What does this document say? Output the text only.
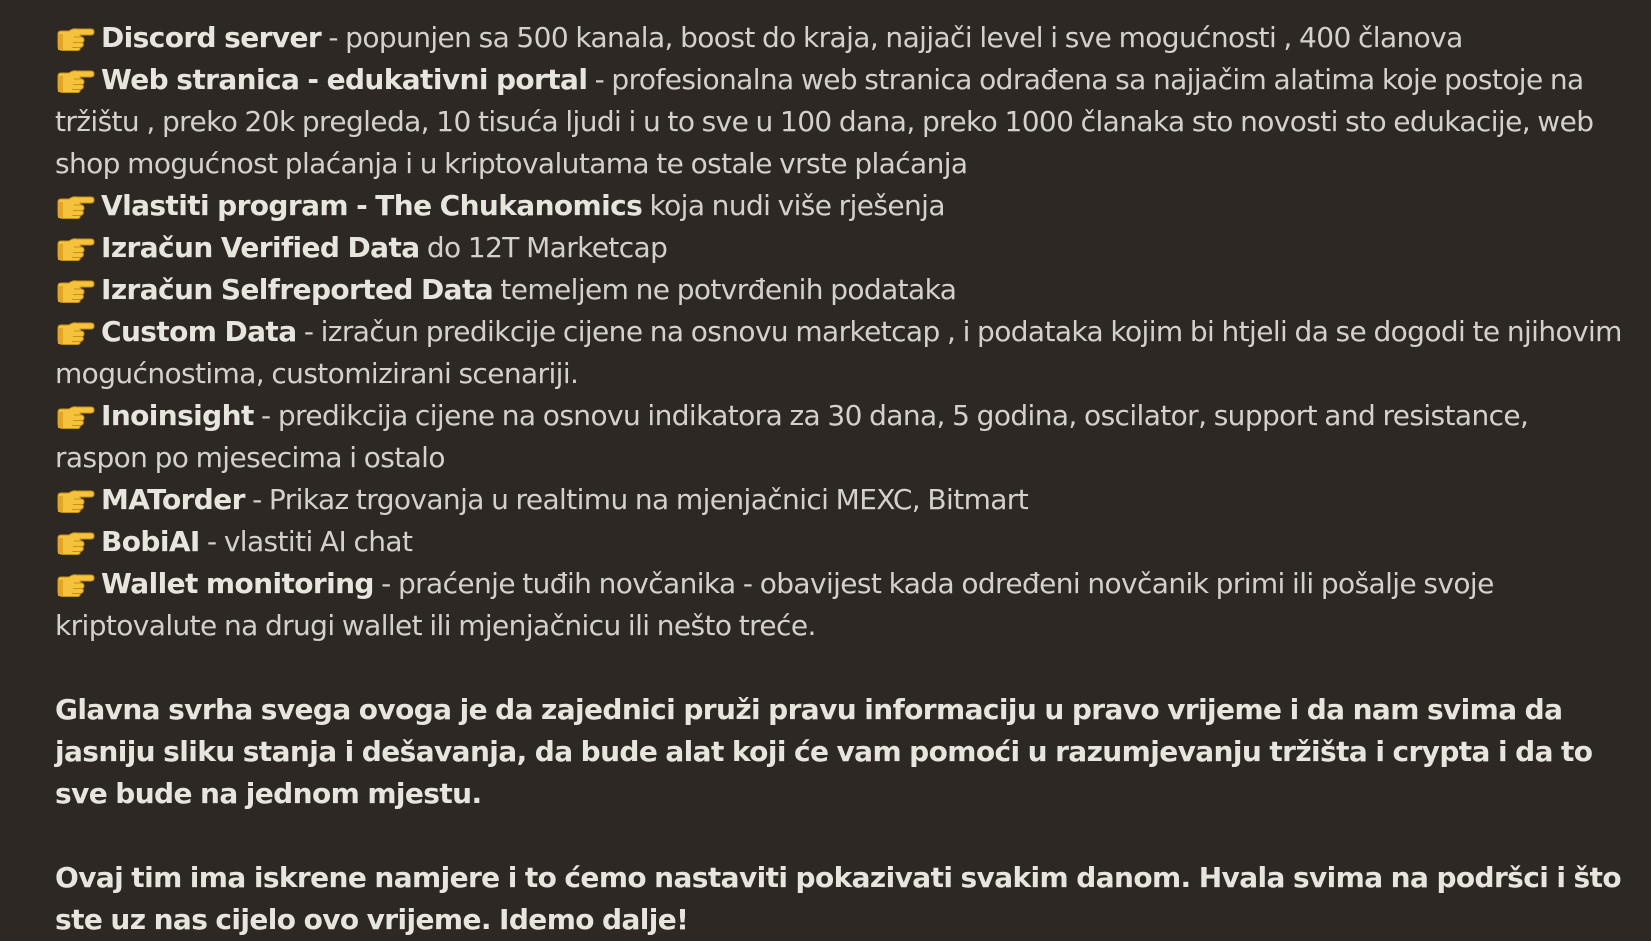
Discord server - popunjen sa 500 kanala, boost do kraja, najjači level i sve mogućnosti , 400 članova

Web stranica - edukativni portal - profesionalna web stranica odrađena sa najjačim alatima koje postoje na tržištu , preko 20k pregleda, 10 tisuća ljudi i u to sve u 100 dana, preko 1000 članaka sto novosti sto edukacije, web shop mogućnost plaćanja i u kriptovalutama te ostale vrste plaćanja

Vlastiti program - The Chukanomics koja nudi više rješenja

Izračun Verified Data do 12T Marketcap

Izračun Selfreported Data temeljem ne potvrđenih podataka

Custom Data - izračun predikcije cijene na osnovu marketcap , i podataka kojim bi htjeli da se dogodi te njihovim mogućnostima, customizirani scenariji.

Inoinsight - predikcija cijene na osnovu indikatora za 30 dana, 5 godina, oscilator, support and resistance, raspon po mjesecima i ostalo

MATorder - Prikaz trgovanja u realtimu na mjenjačnici MEXC, Bitmart

BobiAI - vlastiti AI chat

Wallet monitoring - praćenje tuđih novčanika - obavijest kada određeni novčanik primi ili pošalje svoje kriptovalute na drugi wallet ili mjenjačnicu ili nešto treće.

Glavna svrha svega ovoga je da zajednici pruži pravu informaciju u pravo vrijeme i da nam svima da jasniju sliku stanja i dešavanja, da bude alat koji će vam pomoći u razumjevanju tržišta i crypta i da to sve bude na jednom mjestu.

Ovaj tim ima iskrene namjere i to ćemo nastaviti pokazivati svakim danom. Hvala svima na podršci i što ste uz nas cijelo ovo vrijeme. Idemo dalje!
